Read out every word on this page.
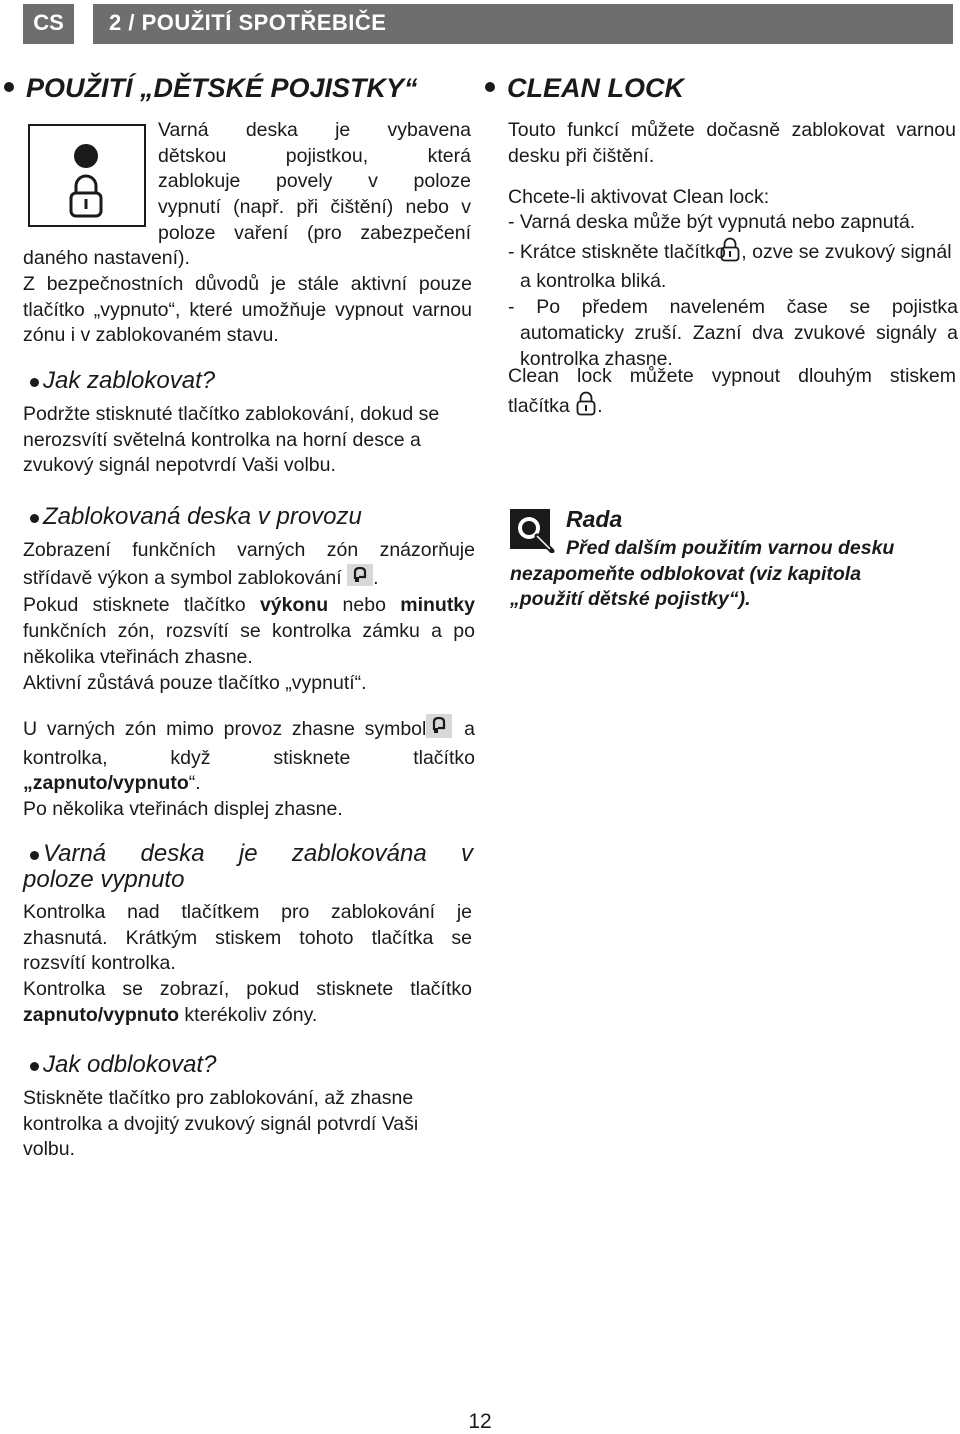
CS	2 / POUŽITÍ SPOTŘEBIČE
POUŽITÍ „DĚTSKÉ POJISTKY“
Varná deska je vybavena
dětskou pojistkou, která
zablokuje povely v poloze
vypnutí (např. při čištění) nebo v
poloze vaření (pro zabezpečení
daného nastavení).
Z bezpečnostních důvodů je stále aktivní pouze tlačítko „vypnuto“, které umožňuje vypnout varnou zónu i v zablokovaném stavu.
Jak zablokovat?
Podržte stisknuté tlačítko zablokování, dokud se nerozsvítí světelná kontrolka na horní desce a zvukový signál nepotvrdí Vaši volbu.
Zablokovaná deska v provozu
Zobrazení funkčních varných zón znázorňuje střídavě výkon a symbol zablokování .
Pokud stisknete tlačítko výkonu nebo minutky funkčních zón, rozsvítí se kontrolka zámku a po několika vteřinách zhasne.
Aktivní zůstává pouze tlačítko „vypnutí“.
U varných zón mimo provoz zhasne symbol a kontrolka, když stisknete tlačítko „zapnuto/vypnuto“.
Po několika vteřinách displej zhasne.
Varná deska je zablokována v
poloze vypnuto
Kontrolka nad tlačítkem pro zablokování je zhasnutá. Krátkým stiskem tohoto tlačítka se rozsvítí kontrolka.
Kontrolka se zobrazí, pokud stisknete tlačítko zapnuto/vypnuto kterékoliv zóny.
Jak odblokovat?
Stiskněte tlačítko pro zablokování, až zhasne kontrolka a dvojitý zvukový signál potvrdí Vaši volbu.
CLEAN LOCK
Touto funkcí můžete dočasně zablokovat varnou desku při čištění.
Chcete-li aktivovat Clean lock:
- Varná deska může být vypnutá nebo zapnutá.
- Krátce stiskněte tlačítko , ozve se zvukový signál a kontrolka bliká.
- Po předem naveleném čase se pojistka automaticky zruší. Zazní dva zvukové signály a kontrolka zhasne.
Clean lock můžete vypnout dlouhým stiskem tlačítka .
Rada
Před dalším použitím varnou desku nezapomeňte odblokovat (viz kapitola „použití dětské pojistky“).
12
